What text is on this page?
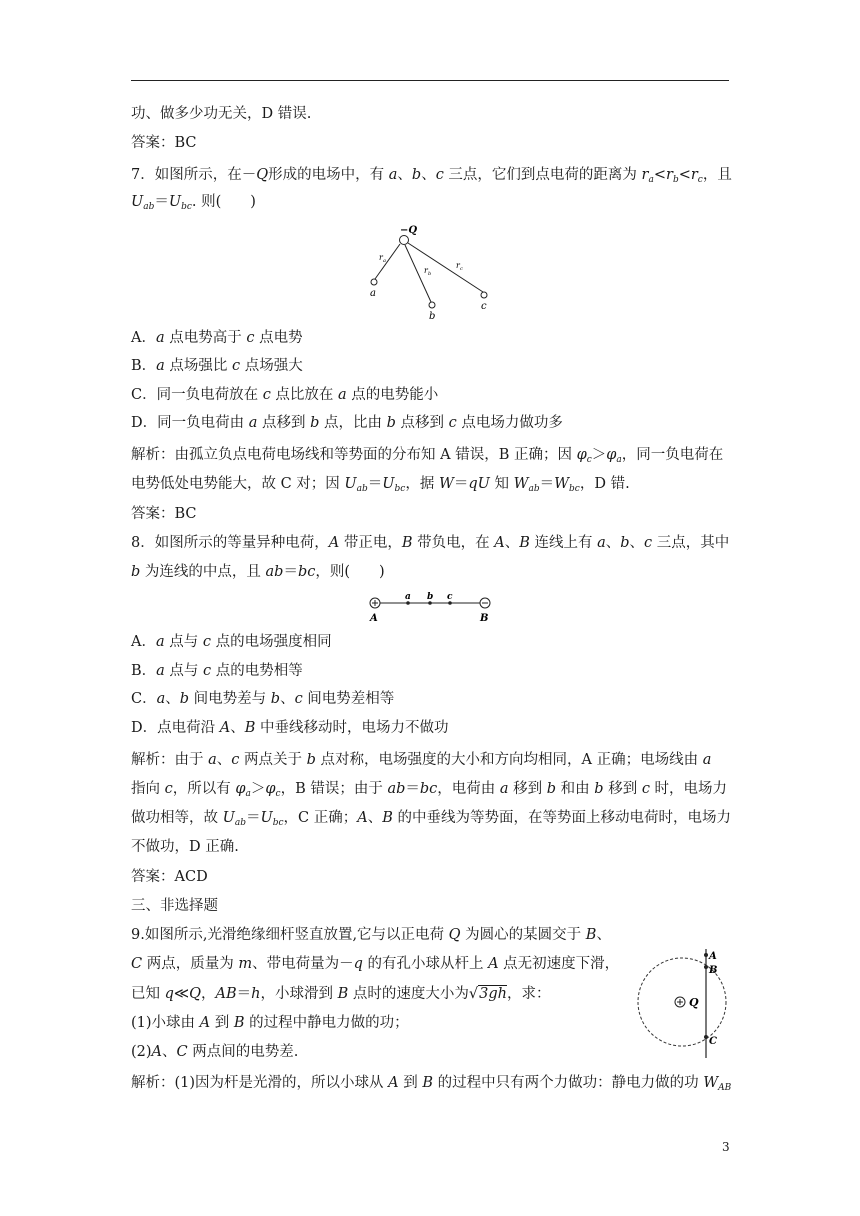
功、做多少功无关，D 错误.
答案：BC
7．如图所示，在－Q形成的电场中，有 a、b、c 三点，它们到点电荷的距离为 $r_a<r_b<r_c$，且
$U_{ab}=U_{bc}$. 则(　　)
−Q
r a
r b
r c
a
b
c
A．a 点电势高于 c 点电势
B．a 点场强比 c 点场强大
C．同一负电荷放在 c 点比放在 a 点的电势能小
D．同一负电荷由 a 点移到 b 点，比由 b 点移到 c 点电场力做功多
解析：由孤立负点电荷电场线和等势面的分布知 A 错误，B 正确；因 $\varphi_c>\varphi_a$，同一负电荷在
电势低处电势能大，故 C 对；因 $U_{ab}=U_{bc}$，据 W＝qU 知 $W_{ab}=W_{bc}$，D 错.
答案：BC
8．如图所示的等量异种电荷，A 带正电，B 带负电，在 A、B 连线上有 a、b、c 三点，其中
b 为连线的中点，且 ab＝bc，则(　　)
a b c
A	B
A．a 点与 c 点的电场强度相同
B．a 点与 c 点的电势相等
C．a、b 间电势差与 b、c 间电势差相等
D．点电荷沿 A、B 中垂线移动时，电场力不做功
解析：由于 a、c 两点关于 b 点对称，电场强度的大小和方向均相同，A 正确；电场线由 a
指向 c，所以有 $\varphi_a>\varphi_c$，B 错误；由于 ab＝bc，电荷由 a 移到 b 和由 b 移到 c 时，电场力
做功相等，故 $U_{ab}=U_{bc}$，C 正确；A、B 的中垂线为等势面，在等势面上移动电荷时，电场力
不做功，D 正确.
答案：ACD
三、非选择题
9.如图所示,光滑绝缘细杆竖直放置,它与以正电荷 Q 为圆心的某圆交于 B、
C 两点，质量为 m、带电荷量为－q 的有孔小球从杆上 A 点无初速度下滑，
已知 q≪Q，AB＝h，小球滑到 B 点时的速度大小为√3gh，求：
(1)小球由 A 到 B 的过程中静电力做的功；
(2)A、C 两点间的电势差.
解析：(1)因为杆是光滑的，所以小球从 A 到 B 的过程中只有两个力做功：静电力做的功 $W_{AB}$
A
B
C
Q
3
